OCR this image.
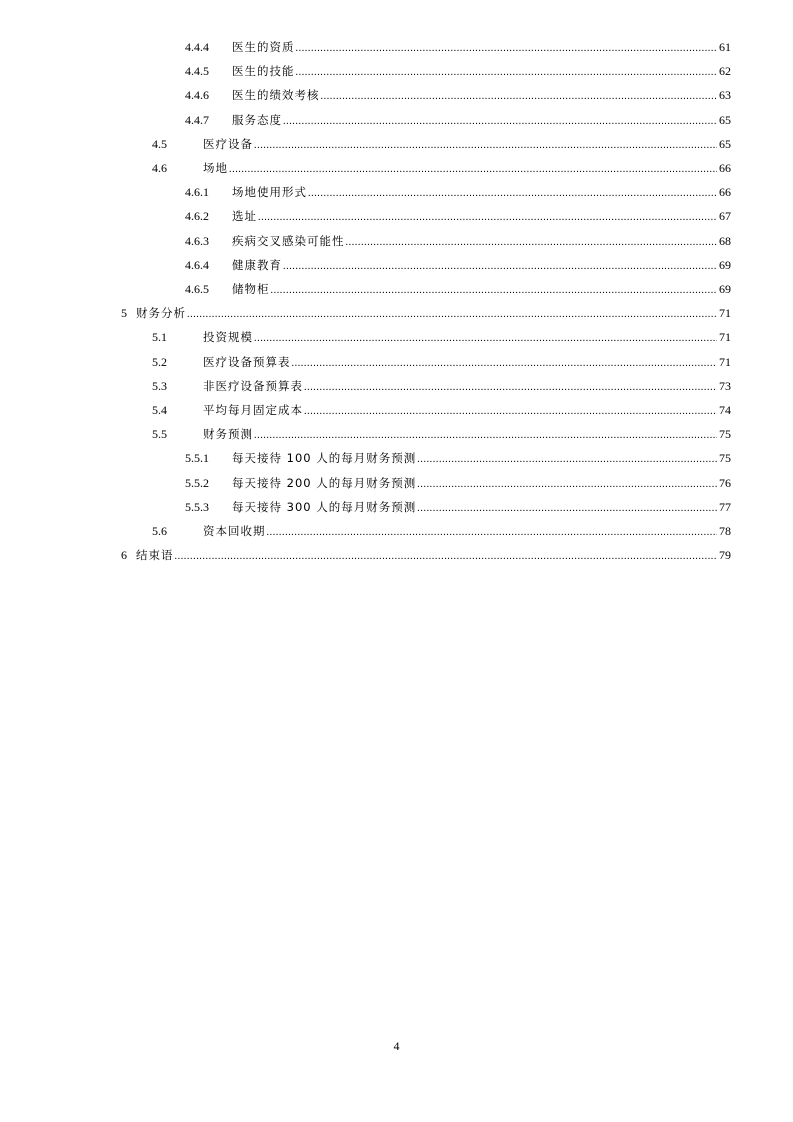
4.4.4 医生的资质 .....	61
4.4.5 医生的技能 .....	62
4.4.6 医生的绩效考核 .....	63
4.4.7 服务态度 .....	65
4.5	医疗设备 .....	65
4.6	场地 .....	66
4.6.1 场地使用形式 .....	66
4.6.2 选址 .....	67
4.6.3 疾病交叉感染可能性 .....	68
4.6.4 健康教育 .....	69
4.6.5 储物柜 .....	69
5 财务分析 .....	71
5.1	投资规模 .....	71
5.2	医疗设备预算表 .....	71
5.3	非医疗设备预算表 .....	73
5.4	平均每月固定成本 .....	74
5.5	财务预测 .....	75
5.5.1 每天接待 100 人的每月财务预测 .....	75
5.5.2 每天接待 200 人的每月财务预测 .....	76
5.5.3 每天接待 300 人的每月财务预测 .....	77
5.6	资本回收期 .....	78
6 结束语 .....	79
4
